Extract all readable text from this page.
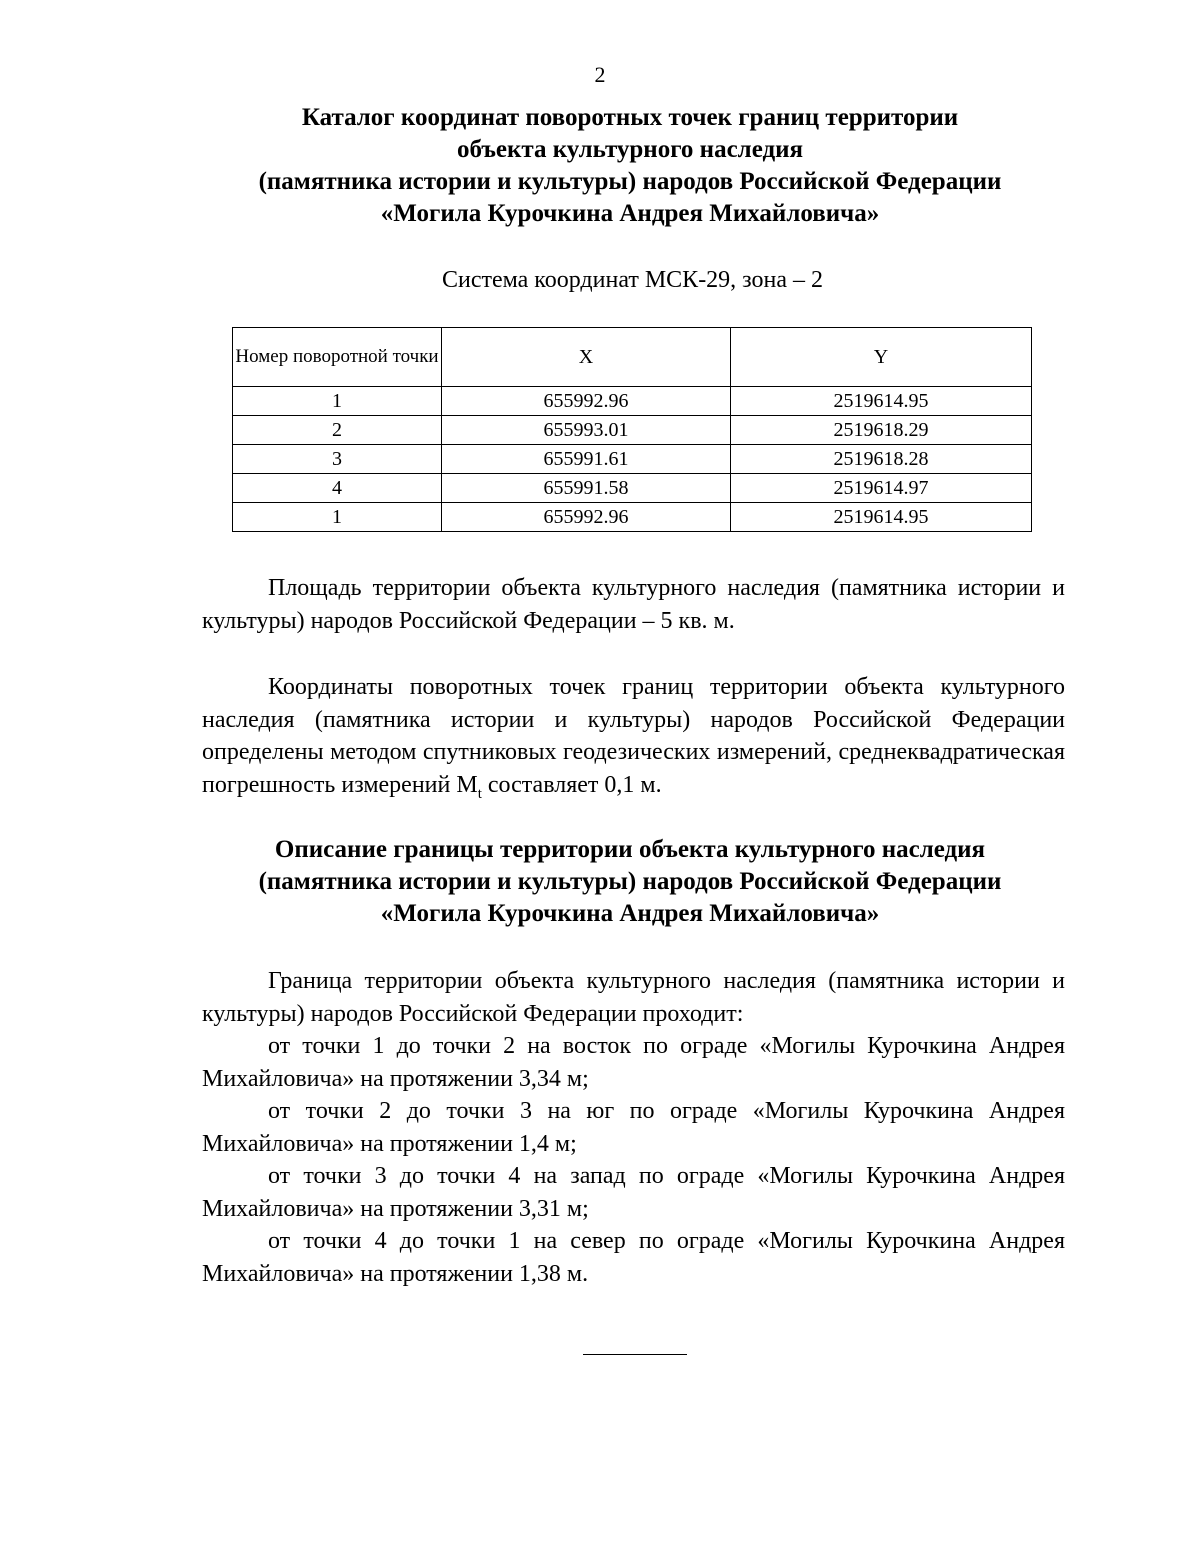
2
Каталог координат поворотных точек границ территории
объекта культурного наследия
(памятника истории и культуры) народов Российской Федерации
«Могила Курочкина Андрея Михайловича»
Система координат МСК-29, зона – 2
Номер поворотной точки	X	Y
1	655992.96	2519614.95
2	655993.01	2519618.29
3	655991.61	2519618.28
4	655991.58	2519614.97
1	655992.96	2519614.95

Площадь территории объекта культурного наследия (памятника истории и культуры) народов Российской Федерации – 5 кв. м.

Координаты поворотных точек границ территории объекта культурного наследия (памятника истории и культуры) народов Российской Федерации определены методом спутниковых геодезических измерений, среднеквадратическая погрешность измерений $M_t$ составляет 0,1 м.

Описание границы территории объекта культурного наследия
(памятника истории и культуры) народов Российской Федерации
«Могила Курочкина Андрея Михайловича»

Граница территории объекта культурного наследия (памятника истории и культуры) народов Российской Федерации проходит:

от точки 1 до точки 2 на восток по ограде «Могилы Курочкина Андрея Михайловича» на протяжении 3,34 м;

от точки 2 до точки 3 на юг по ограде «Могилы Курочкина Андрея Михайловича» на протяжении 1,4 м;

от точки 3 до точки 4 на запад по ограде «Могилы Курочкина Андрея Михайловича» на протяжении 3,31 м;

от точки 4 до точки 1 на север по ограде «Могилы Курочкина Андрея Михайловича» на протяжении 1,38 м.
